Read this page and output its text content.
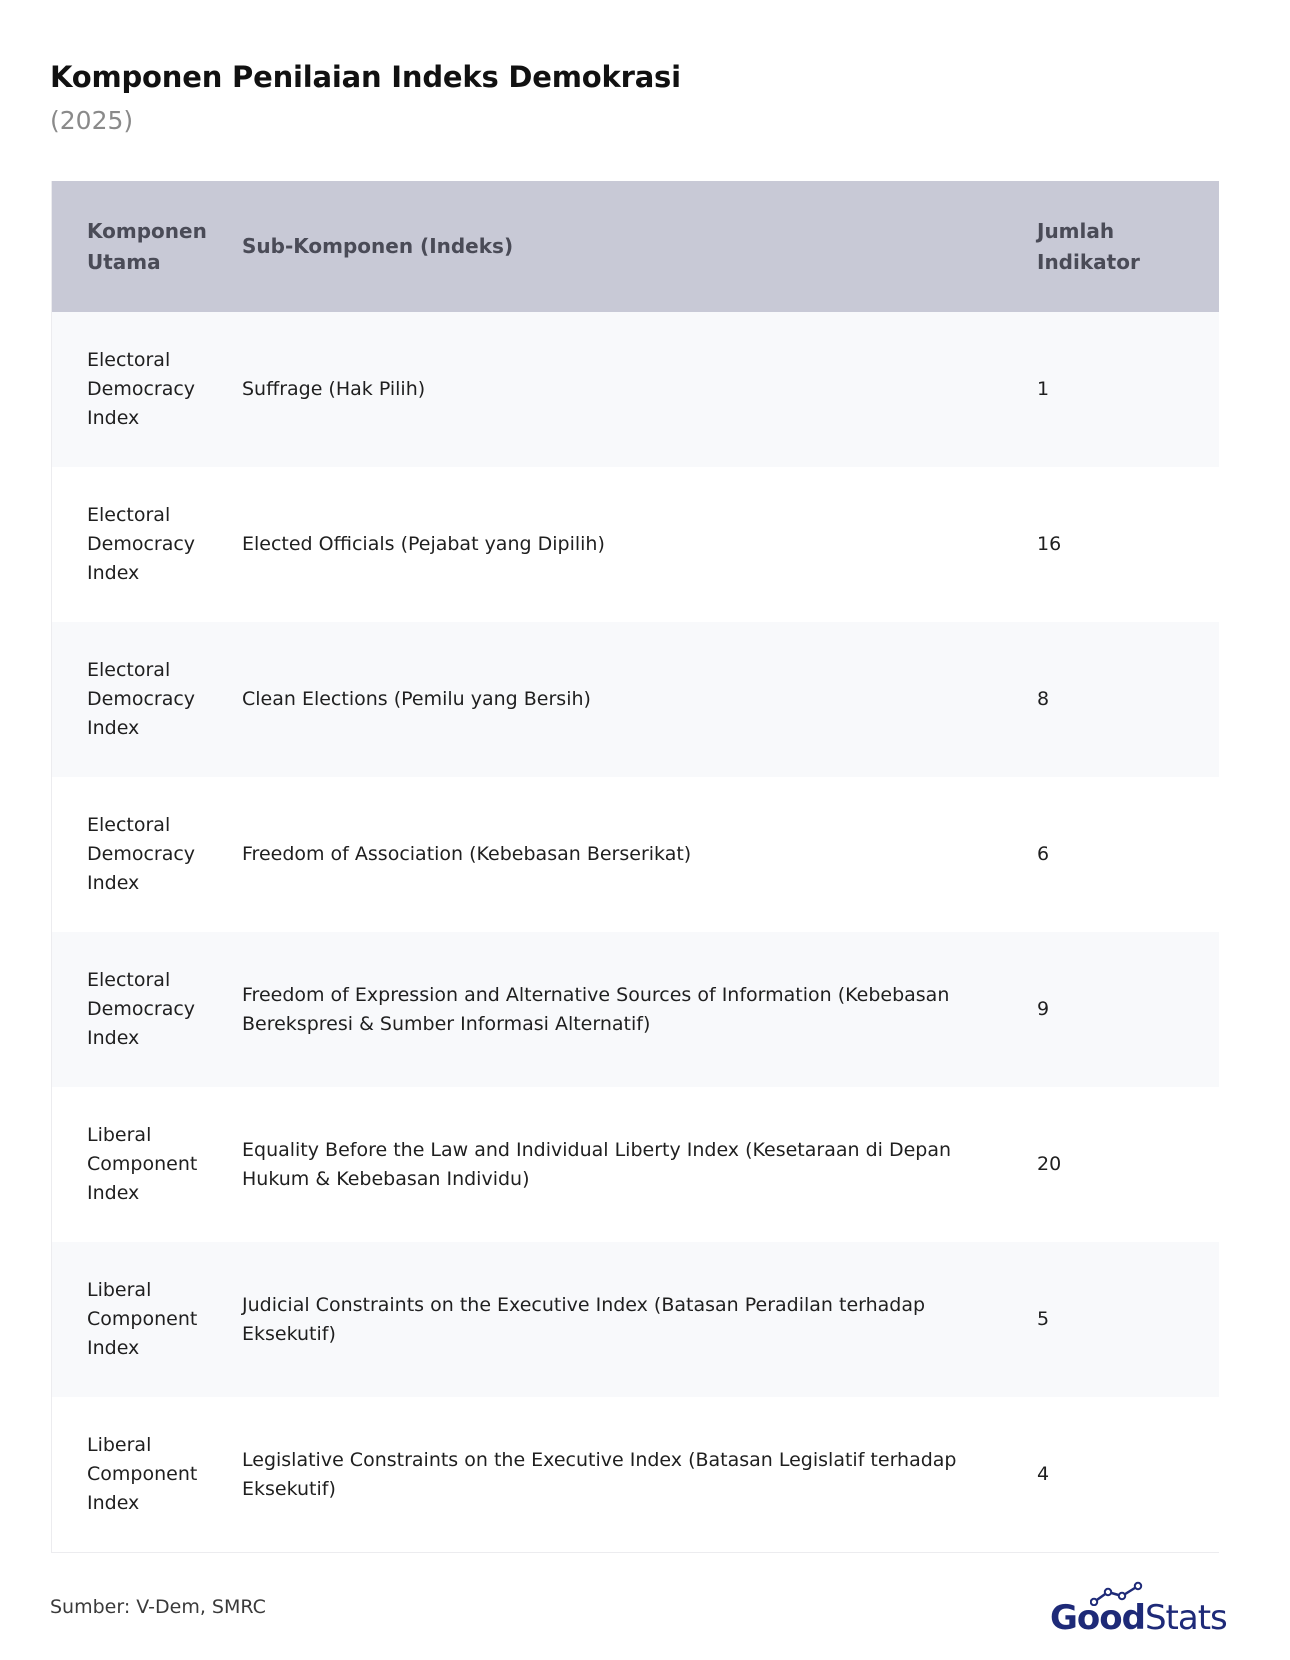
Komponen Penilaian Indeks Demokrasi
(2025)
Komponen Utama	Sub-Komponen (Indeks)	Jumlah Indikator
Electoral Democracy Index	Suffrage (Hak Pilih)	1
Electoral Democracy Index	Elected Officials (Pejabat yang Dipilih)	16
Electoral Democracy Index	Clean Elections (Pemilu yang Bersih)	8
Electoral Democracy Index	Freedom of Association (Kebebasan Berserikat)	6
Electoral Democracy Index	Freedom of Expression and Alternative Sources of Information (Kebebasan Berekspresi & Sumber Informasi Alternatif)	9
Liberal Component Index	Equality Before the Law and Individual Liberty Index (Kesetaraan di Depan Hukum & Kebebasan Individu)	20
Liberal Component Index	Judicial Constraints on the Executive Index (Batasan Peradilan terhadap Eksekutif)	5
Liberal Component Index	Legislative Constraints on the Executive Index (Batasan Legislatif terhadap Eksekutif)	4
Sumber: V-Dem, SMRC	GoodStats
